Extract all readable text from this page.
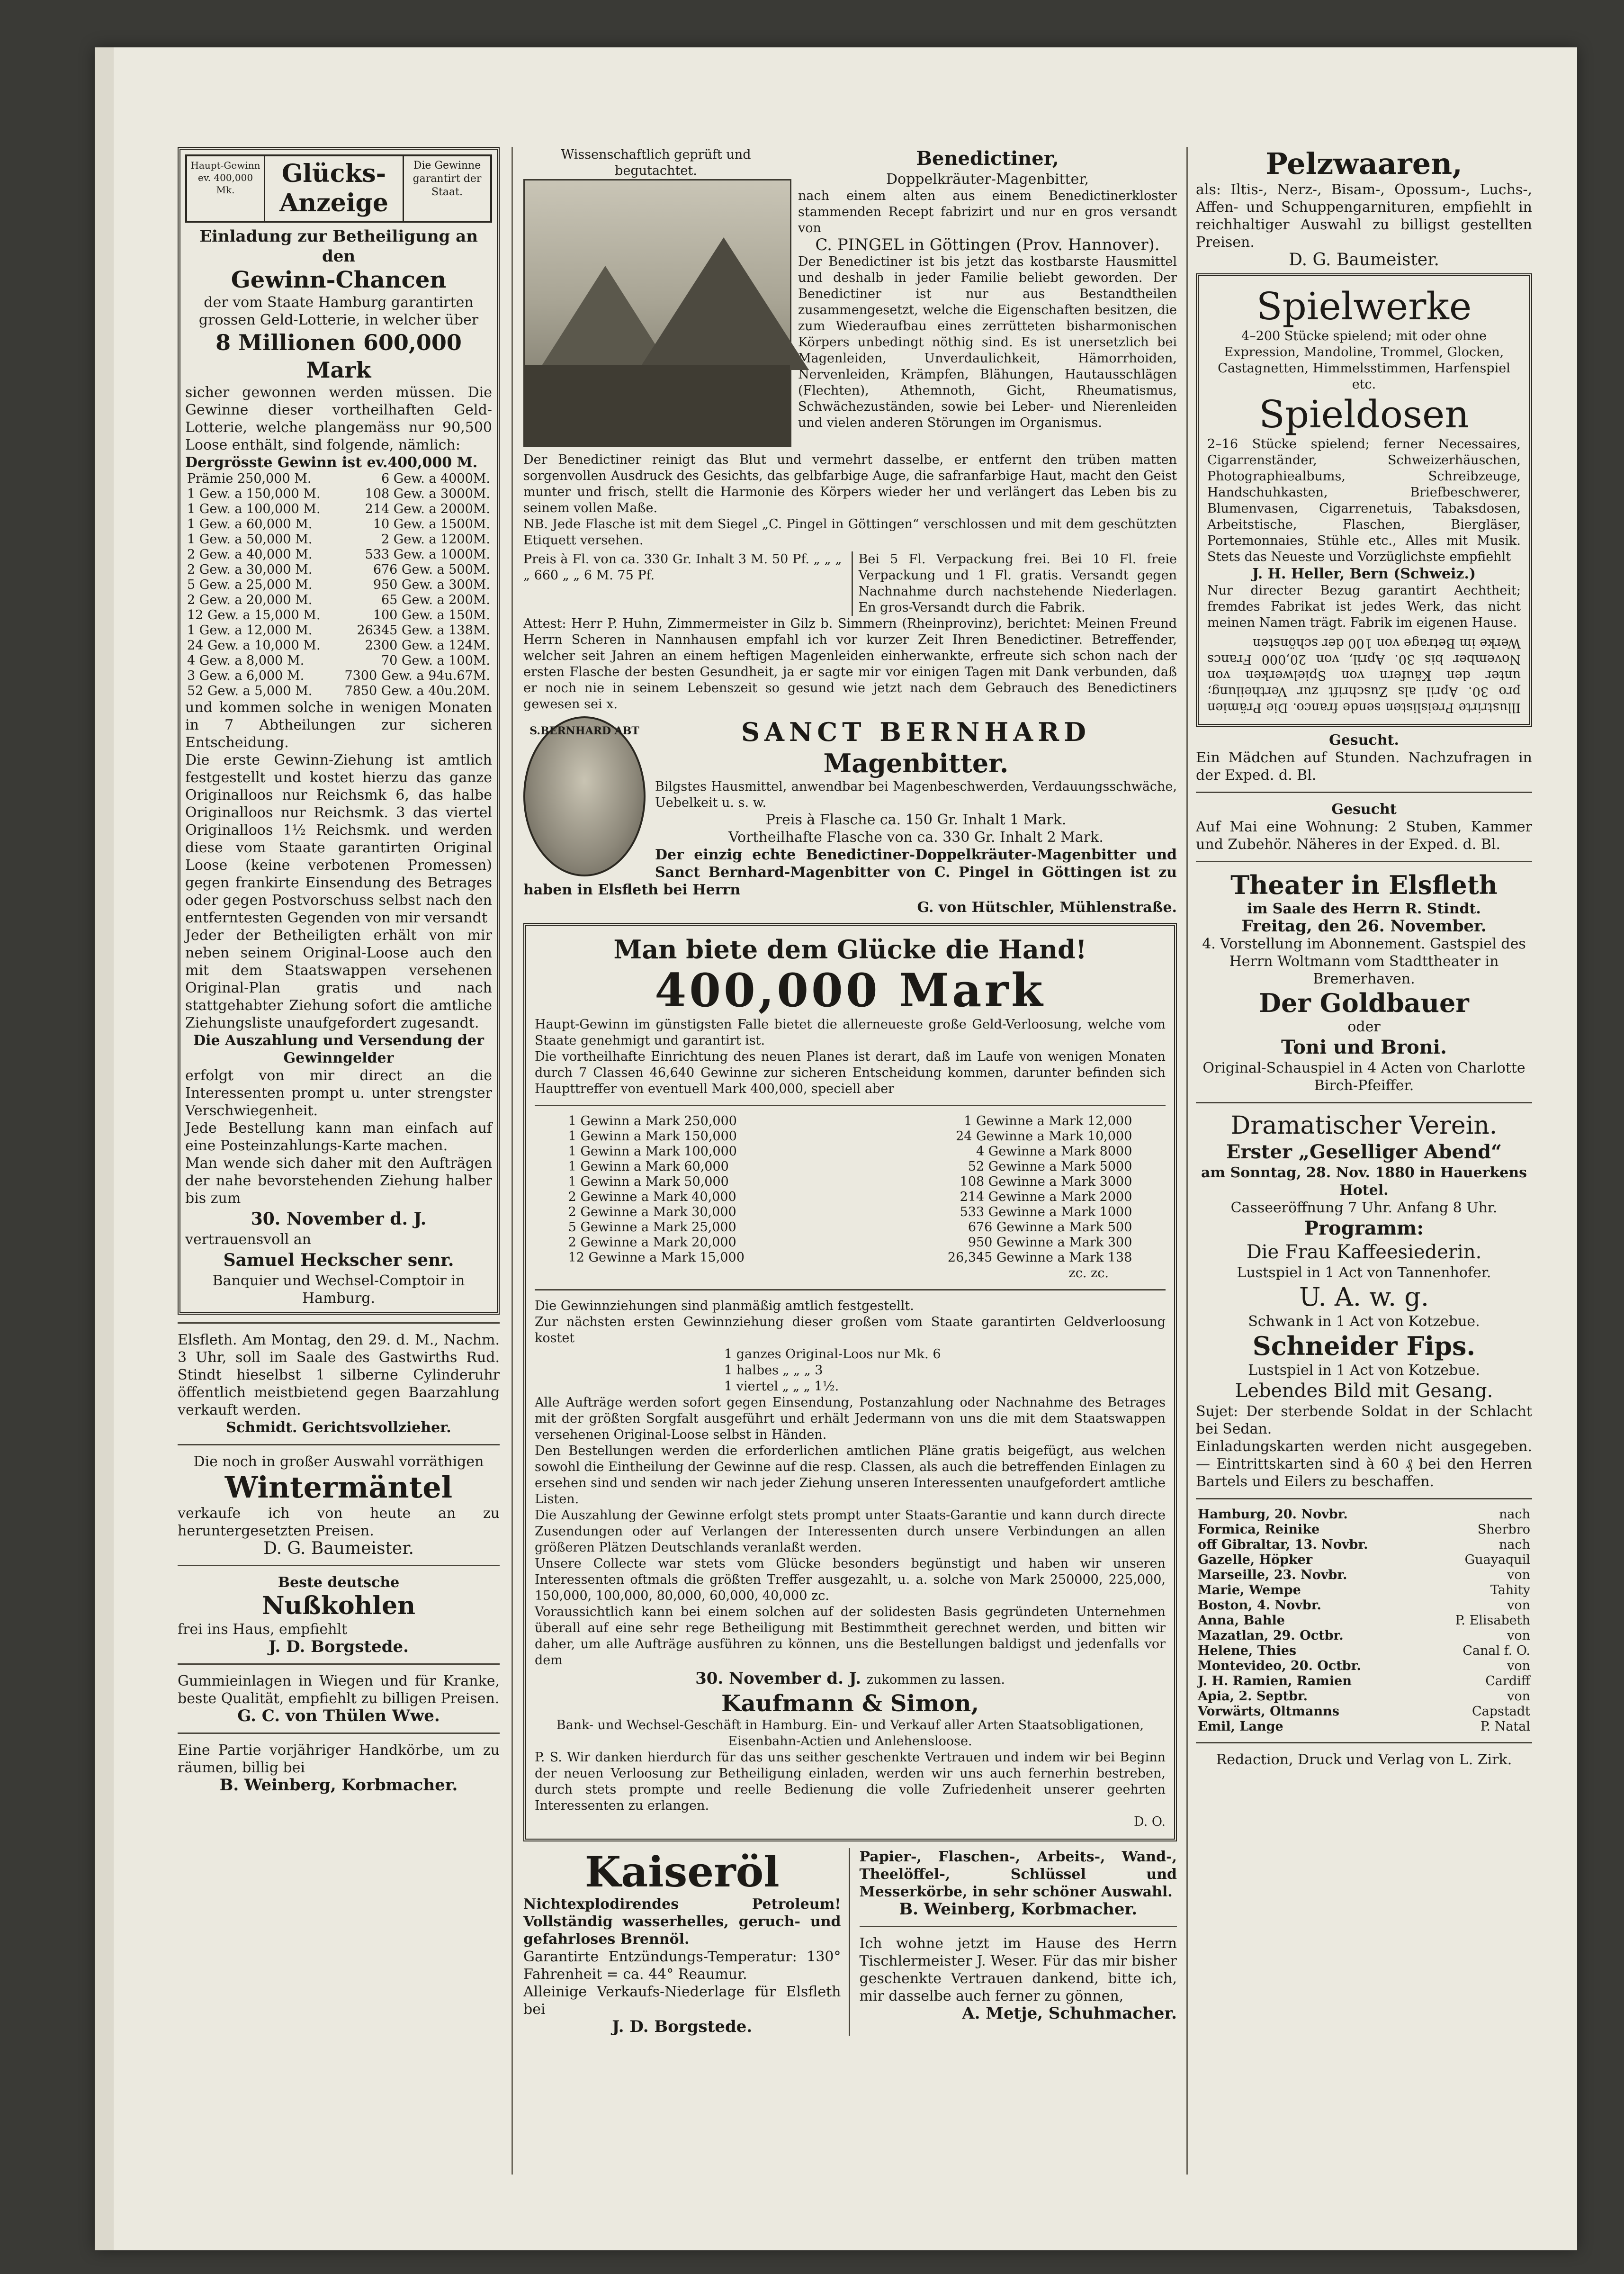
Haupt-Gewinn ev. 400,000 Mk.
Glücks-Anzeige
Die Gewinne garantirt der Staat.

Einladung zur Betheiligung an den

Gewinn-Chancen

der vom Staate Hamburg garantirten grossen Geld-Lotterie, in welcher über

8 Millionen 600,000 Mark

sicher gewonnen werden müssen. Die Gewinne dieser vortheilhaften Geld-Lotterie, welche plangemäss nur 90,500 Loose enthält, sind folgende, nämlich:

Dergrösste Gewinn ist ev.400,000 M.

Prämie 250,000 M.	6 Gew. a 4000M.
1 Gew. a 150,000 M.	108 Gew. a 3000M.
1 Gew. a 100,000 M.	214 Gew. a 2000M.
1 Gew. a 60,000 M.	10 Gew. a 1500M.
1 Gew. a 50,000 M.	2 Gew. a 1200M.
2 Gew. a 40,000 M.	533 Gew. a 1000M.
2 Gew. a 30,000 M.	676 Gew. a 500M.
5 Gew. a 25,000 M.	950 Gew. a 300M.
2 Gew. a 20,000 M.	65 Gew. a 200M.
12 Gew. a 15,000 M.	100 Gew. a 150M.
1 Gew. a 12,000 M.	26345 Gew. a 138M.
24 Gew. a 10,000 M.	2300 Gew. a 124M.
4 Gew. a 8,000 M.	70 Gew. a 100M.
3 Gew. a 6,000 M.	7300 Gew. a 94u.67M.
52 Gew. a 5,000 M.	7850 Gew. a 40u.20M.

und kommen solche in wenigen Monaten in 7 Abtheilungen zur sicheren Entscheidung.

Die erste Gewinn-Ziehung ist amtlich festgestellt und kostet hierzu das ganze Originalloos nur Reichsmk 6, das halbe Originalloos nur Reichsmk. 3 das viertel Originalloos 1½ Reichsmk. und werden diese vom Staate garantirten Original Loose (keine verbotenen Promessen) gegen frankirte Einsendung des Betrages oder gegen Postvorschuss selbst nach den entferntesten Gegenden von mir versandt

Jeder der Betheiligten erhält von mir neben seinem Original-Loose auch den mit dem Staatswappen versehenen Original-Plan gratis und nach stattgehabter Ziehung sofort die amtliche Ziehungsliste unaufgefordert zugesandt.

Die Auszahlung und Versendung der Gewinngelder

erfolgt von mir direct an die Interessenten prompt u. unter strengster Verschwiegenheit.

Jede Bestellung kann man einfach auf eine Posteinzahlungs-Karte machen.

Man wende sich daher mit den Aufträgen der nahe bevorstehenden Ziehung halber bis zum

30. November d. J.

vertrauensvoll an

Samuel Heckscher senr.

Banquier und Wechsel-Comptoir in Hamburg.

Elsfleth. Am Montag, den 29. d. M., Nachm. 3 Uhr, soll im Saale des Gastwirths Rud. Stindt hieselbst 1 silberne Cylinderuhr öffentlich meistbietend gegen Baarzahlung verkauft werden.

Schmidt. Gerichtsvollzieher.

Die noch in großer Auswahl vorräthigen

Wintermäntel

verkaufe ich von heute an zu heruntergesetzten Preisen.

D. G. Baumeister.

Beste deutsche

Nußkohlen

frei ins Haus, empfiehlt

J. D. Borgstede.

Gummieinlagen in Wiegen und für Kranke, beste Qualität, empfiehlt zu billigen Preisen.

G. C. von Thülen Wwe.

Eine Partie vorjähriger Handkörbe, um zu räumen, billig bei

B. Weinberg, Korbmacher.

Wissenschaftlich geprüft und begutachtet.

Benedictiner,

Doppelkräuter-Magenbitter,

nach einem alten aus einem Benedictinerkloster stammenden Recept fabrizirt und nur en gros versandt von

C. PINGEL in Göttingen (Prov. Hannover).

Der Benedictiner ist bis jetzt das kostbarste Hausmittel und deshalb in jeder Familie beliebt geworden. Der Benedictiner ist nur aus Bestandtheilen zusammengesetzt, welche die Eigenschaften besitzen, die zum Wiederaufbau eines zerrütteten bisharmonischen Körpers unbedingt nöthig sind. Es ist unersetzlich bei Magenleiden, Unverdaulichkeit, Hämorrhoiden, Nervenleiden, Krämpfen, Blähungen, Hautausschlägen (Flechten), Athemnoth, Gicht, Rheumatismus, Schwächezuständen, sowie bei Leber- und Nierenleiden und vielen anderen Störungen im Organismus.

Der Benedictiner reinigt das Blut und vermehrt dasselbe, er entfernt den trüben matten sorgenvollen Ausdruck des Gesichts, das gelbfarbige Auge, die safranfarbige Haut, macht den Geist munter und frisch, stellt die Harmonie des Körpers wieder her und verlängert das Leben bis zu seinem vollen Maße.

NB. Jede Flasche ist mit dem Siegel „C. Pingel in Göttingen“ verschlossen und mit dem geschützten Etiquett versehen.

Preis à Fl. von ca. 330 Gr. Inhalt 3 M. 50 Pf. „ „ „ „ 660 „ „ 6 M. 75 Pf.

Bei 5 Fl. Verpackung frei. Bei 10 Fl. freie Verpackung und 1 Fl. gratis. Versandt gegen Nachnahme durch nachstehende Niederlagen. En gros-Versandt durch die Fabrik.

Attest: Herr P. Huhn, Zimmermeister in Gilz b. Simmern (Rheinprovinz), berichtet: Meinen Freund Herrn Scheren in Nannhausen empfahl ich vor kurzer Zeit Ihren Benedictiner. Betreffender, welcher seit Jahren an einem heftigen Magenleiden einherwankte, erfreute sich schon nach der ersten Flasche der besten Gesundheit, ja er sagte mir vor einigen Tagen mit Dank verbunden, daß er noch nie in seinem Lebenszeit so gesund wie jetzt nach dem Gebrauch des Benedictiners gewesen sei x.

S.BERNHARD ABT	SANCT BERNHARD

Magenbitter.

Bilgstes Hausmittel, anwendbar bei Magenbeschwerden, Verdauungsschwäche, Uebelkeit u. s. w.

Preis à Flasche ca. 150 Gr. Inhalt 1 Mark.

Vortheilhafte Flasche von ca. 330 Gr. Inhalt 2 Mark.

Der einzig echte Benedictiner-Doppelkräuter-Magenbitter und Sanct Bernhard-Magenbitter von C. Pingel in Göttingen ist zu haben in Elsfleth bei Herrn

G. von Hütschler, Mühlenstraße.

Man biete dem Glücke die Hand!

400,000 Mark

Haupt-Gewinn im günstigsten Falle bietet die allerneueste große Geld-Verloosung, welche vom Staate genehmigt und garantirt ist.

Die vortheilhafte Einrichtung des neuen Planes ist derart, daß im Laufe von wenigen Monaten durch 7 Classen 46,640 Gewinne zur sicheren Entscheidung kommen, darunter befinden sich Haupttreffer von eventuell Mark 400,000, speciell aber

1 Gewinn a Mark 250,000	1 Gewinne a Mark 12,000
1 Gewinn a Mark 150,000	24 Gewinne a Mark 10,000
1 Gewinn a Mark 100,000	4 Gewinne a Mark 8000
1 Gewinn a Mark 60,000	52 Gewinne a Mark 5000
1 Gewinn a Mark 50,000	108 Gewinne a Mark 3000
2 Gewinne a Mark 40,000	214 Gewinne a Mark 2000
2 Gewinne a Mark 30,000	533 Gewinne a Mark 1000
5 Gewinne a Mark 25,000	676 Gewinne a Mark 500
2 Gewinne a Mark 20,000	950 Gewinne a Mark 300
12 Gewinne a Mark 15,000	26,345 Gewinne a Mark 138

zc. zc.

Die Gewinnziehungen sind planmäßig amtlich festgestellt.

Zur nächsten ersten Gewinnziehung dieser großen vom Staate garantirten Geldverloosung kostet

1 ganzes Original-Loos nur Mk. 6

1 halbes „ „ „ 3

1 viertel „ „ „ 1½.

Alle Aufträge werden sofort gegen Einsendung, Postanzahlung oder Nachnahme des Betrages mit der größten Sorgfalt ausgeführt und erhält Jedermann von uns die mit dem Staatswappen versehenen Original-Loose selbst in Händen.

Den Bestellungen werden die erforderlichen amtlichen Pläne gratis beigefügt, aus welchen sowohl die Eintheilung der Gewinne auf die resp. Classen, als auch die betreffenden Einlagen zu ersehen sind und senden wir nach jeder Ziehung unseren Interessenten unaufgefordert amtliche Listen.

Die Auszahlung der Gewinne erfolgt stets prompt unter Staats-Garantie und kann durch directe Zusendungen oder auf Verlangen der Interessenten durch unsere Verbindungen an allen größeren Plätzen Deutschlands veranlaßt werden.

Unsere Collecte war stets vom Glücke besonders begünstigt und haben wir unseren Interessenten oftmals die größten Treffer ausgezahlt, u. a. solche von Mark 250000, 225,000, 150,000, 100,000, 80,000, 60,000, 40,000 zc.

Voraussichtlich kann bei einem solchen auf der solidesten Basis gegründeten Unternehmen überall auf eine sehr rege Betheiligung mit Bestimmtheit gerechnet werden, und bitten wir daher, um alle Aufträge ausführen zu können, uns die Bestellungen baldigst und jedenfalls vor dem

30. November d. J. zukommen zu lassen.

Kaufmann & Simon,

Bank- und Wechsel-Geschäft in Hamburg. Ein- und Verkauf aller Arten Staatsobligationen, Eisenbahn-Actien und Anlehensloose.

P. S. Wir danken hierdurch für das uns seither geschenkte Vertrauen und indem wir bei Beginn der neuen Verloosung zur Betheiligung einladen, werden wir uns auch fernerhin bestreben, durch stets prompte und reelle Bedienung die volle Zufriedenheit unserer geehrten Interessenten zu erlangen.

D. O.

Kaiseröl

Nichtexplodirendes Petroleum! Vollständig wasserhelles, geruch- und gefahrloses Brennöl.

Garantirte Entzündungs-Temperatur: 130° Fahrenheit = ca. 44° Reaumur.

Alleinige Verkaufs-Niederlage für Elsfleth bei

J. D. Borgstede.

Papier-, Flaschen-, Arbeits-, Wand-, Theelöffel-, Schlüssel und Messerkörbe, in sehr schöner Auswahl.

B. Weinberg, Korbmacher.

Ich wohne jetzt im Hause des Herrn Tischlermeister J. Weser. Für das mir bisher geschenkte Vertrauen dankend, bitte ich, mir dasselbe auch ferner zu gönnen,

A. Metje, Schuhmacher.

Pelzwaaren,

als: Iltis-, Nerz-, Bisam-, Opossum-, Luchs-, Affen- und Schuppengarnituren, empfiehlt in reichhaltiger Auswahl zu billigst gestellten Preisen.

D. G. Baumeister.

Spielwerke

4–200 Stücke spielend; mit oder ohne Expression, Mandoline, Trommel, Glocken, Castagnetten, Himmelsstimmen, Harfenspiel etc.

Spieldosen

2–16 Stücke spielend; ferner Necessaires, Cigarrenständer, Schweizerhäuschen, Photographiealbums, Schreibzeuge, Handschuhkasten, Briefbeschwerer, Blumenvasen, Cigarrenetuis, Tabaksdosen, Arbeitstische, Flaschen, Biergläser, Portemonnaies, Stühle etc., Alles mit Musik. Stets das Neueste und Vorzüglichste empfiehlt

J. H. Heller, Bern (Schweiz.)

Nur directer Bezug garantirt Aechtheit; fremdes Fabrikat ist jedes Werk, das nicht meinen Namen trägt. Fabrik im eigenen Hause.

Illustrirte Preislisten sende franco. Die Prämien pro 30. April als Zuschrift zur Vertheilung; unter den Käufern von Spielwerken von November bis 30. April, von 20,000 Francs Werke im Betrage von 100 der schönsten

Gesucht.

Ein Mädchen auf Stunden. Nachzufragen in der Exped. d. Bl.

Gesucht

Auf Mai eine Wohnung: 2 Stuben, Kammer und Zubehör. Näheres in der Exped. d. Bl.

Theater in Elsfleth

im Saale des Herrn R. Stindt.

Freitag, den 26. November.

4. Vorstellung im Abonnement. Gastspiel des Herrn Woltmann vom Stadttheater in Bremerhaven.

Der Goldbauer

oder

Toni und Broni.

Original-Schauspiel in 4 Acten von Charlotte Birch-Pfeiffer.

Dramatischer Verein.

Erster „Geselliger Abend“

am Sonntag, 28. Nov. 1880 in Hauerkens Hotel.

Casseeröffnung 7 Uhr. Anfang 8 Uhr.

Programm:

Die Frau Kaffeesiederin.

Lustspiel in 1 Act von Tannenhofer.

U. A. w. g.

Schwank in 1 Act von Kotzebue.

Schneider Fips.

Lustspiel in 1 Act von Kotzebue.

Lebendes Bild mit Gesang.

Sujet: Der sterbende Soldat in der Schlacht bei Sedan.

Einladungskarten werden nicht ausgegeben. — Eintrittskarten sind à 60 ₰ bei den Herren Bartels und Eilers zu beschaffen.

Hamburg, 20. Novbr.	nach
Formica, Reinike	Sherbro
off Gibraltar, 13. Novbr.	nach
Gazelle, Höpker	Guayaquil
Marseille, 23. Novbr.	von
Marie, Wempe	Tahity
Boston, 4. Novbr.	von
Anna, Bahle	P. Elisabeth
Mazatlan, 29. Octbr.	von
Helene, Thies	Canal f. O.
Montevideo, 20. Octbr.	von
J. H. Ramien, Ramien	Cardiff
Apia, 2. Septbr.	von
Vorwärts, Oltmanns	Capstadt
Emil, Lange	P. Natal

Redaction, Druck und Verlag von L. Zirk.
